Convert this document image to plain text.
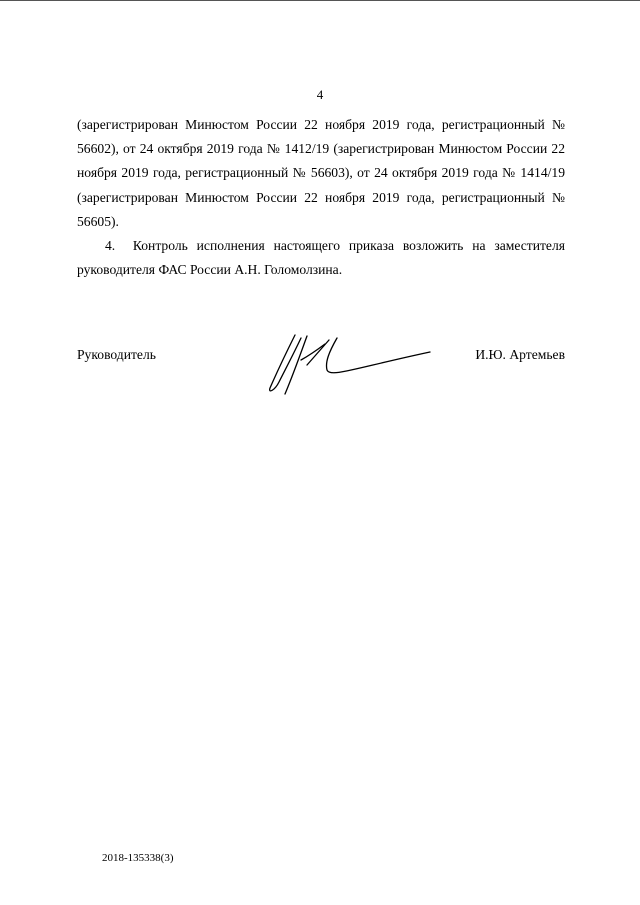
4

(зарегистрирован Минюстом России 22 ноября 2019 года, регистрационный № 56602), от 24 октября 2019 года № 1412/19 (зарегистрирован Минюстом России 22 ноября 2019 года, регистрационный № 56603), от 24 октября 2019 года № 1414/19 (зарегистрирован Минюстом России 22 ноября 2019 года, регистрационный № 56605).

4. Контроль исполнения настоящего приказа возложить на заместителя руководителя ФАС России А.Н. Голомолзина.

Руководитель	И.Ю. Артемьев
2018-135338(3)
